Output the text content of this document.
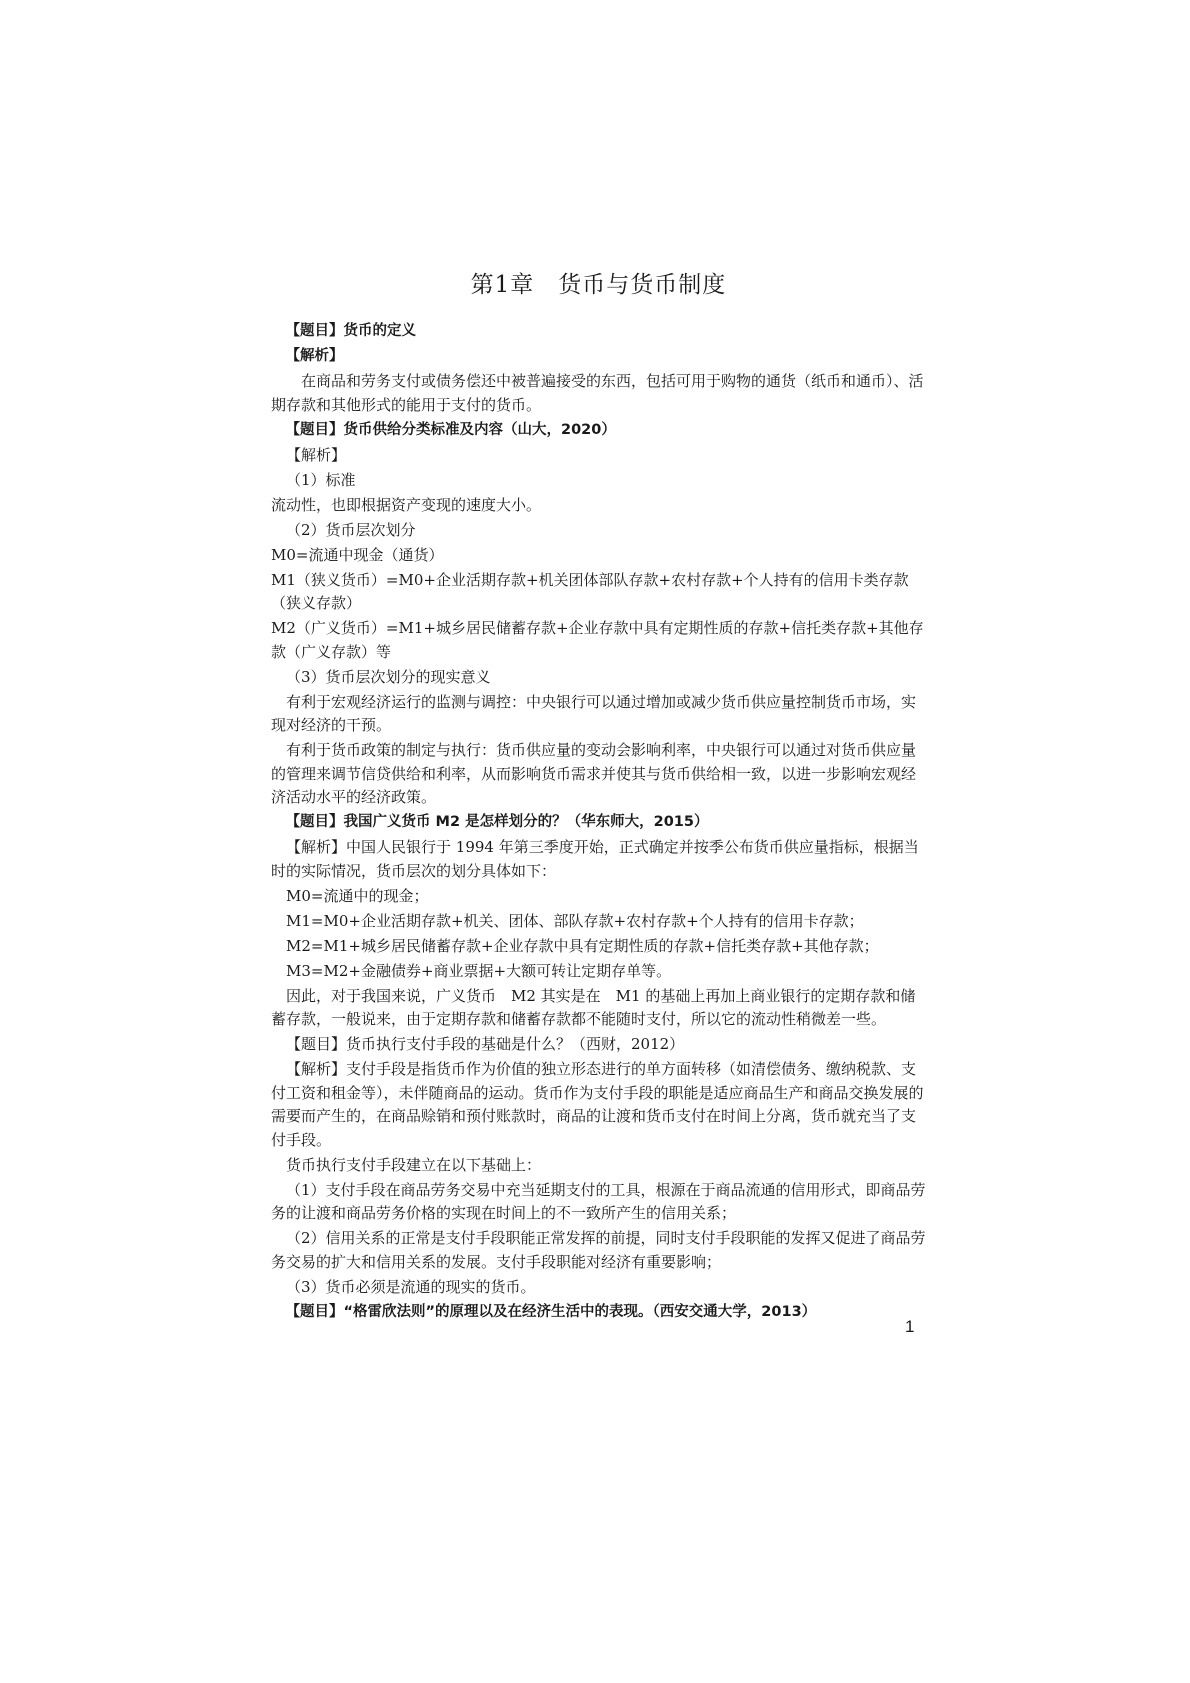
第1章　货币与货币制度

【题目】货币的定义

【解析】

在商品和劳务支付或债务偿还中被普遍接受的东西，包括可用于购物的通货（纸币和通币）、活期存款和其他形式的能用于支付的货币。

【题目】货币供给分类标准及内容（山大，2020）

【解析】

（1）标准

流动性，也即根据资产变现的速度大小。

（2）货币层次划分

M0=流通中现金（通货）

M1（狭义货币）=M0+企业活期存款+机关团体部队存款+农村存款+个人持有的信用卡类存款（狭义存款）

M2（广义货币）=M1+城乡居民储蓄存款+企业存款中具有定期性质的存款+信托类存款+其他存款（广义存款）等

（3）货币层次划分的现实意义

有利于宏观经济运行的监测与调控：中央银行可以通过增加或减少货币供应量控制货币市场，实现对经济的干预。

有利于货币政策的制定与执行：货币供应量的变动会影响利率，中央银行可以通过对货币供应量的管理来调节信贷供给和利率，从而影响货币需求并使其与货币供给相一致，以进一步影响宏观经济活动水平的经济政策。

【题目】我国广义货币 M2 是怎样划分的？（华东师大，2015）

【解析】中国人民银行于 1994 年第三季度开始，正式确定并按季公布货币供应量指标，根据当时的实际情况，货币层次的划分具体如下：

M0=流通中的现金；

M1=M0+企业活期存款+机关、团体、部队存款+农村存款+个人持有的信用卡存款；

M2=M1+城乡居民储蓄存款+企业存款中具有定期性质的存款+信托类存款+其他存款；

M3=M2+金融债券+商业票据+大额可转让定期存单等。

因此，对于我国来说，广义货币　M2 其实是在　M1 的基础上再加上商业银行的定期存款和储蓄存款，一般说来，由于定期存款和储蓄存款都不能随时支付，所以它的流动性稍微差一些。

【题目】货币执行支付手段的基础是什么？（西财，2012）

【解析】支付手段是指货币作为价值的独立形态进行的单方面转移（如清偿债务、缴纳税款、支付工资和租金等），未伴随商品的运动。货币作为支付手段的职能是适应商品生产和商品交换发展的需要而产生的，在商品赊销和预付账款时，商品的让渡和货币支付在时间上分离，货币就充当了支付手段。

货币执行支付手段建立在以下基础上：

（1）支付手段在商品劳务交易中充当延期支付的工具，根源在于商品流通的信用形式，即商品劳务的让渡和商品劳务价格的实现在时间上的不一致所产生的信用关系；

（2）信用关系的正常是支付手段职能正常发挥的前提，同时支付手段职能的发挥又促进了商品劳务交易的扩大和信用关系的发展。支付手段职能对经济有重要影响；

（3）货币必须是流通的现实的货币。

【题目】“格雷欣法则”的原理以及在经济生活中的表现。（西安交通大学，2013）

1
